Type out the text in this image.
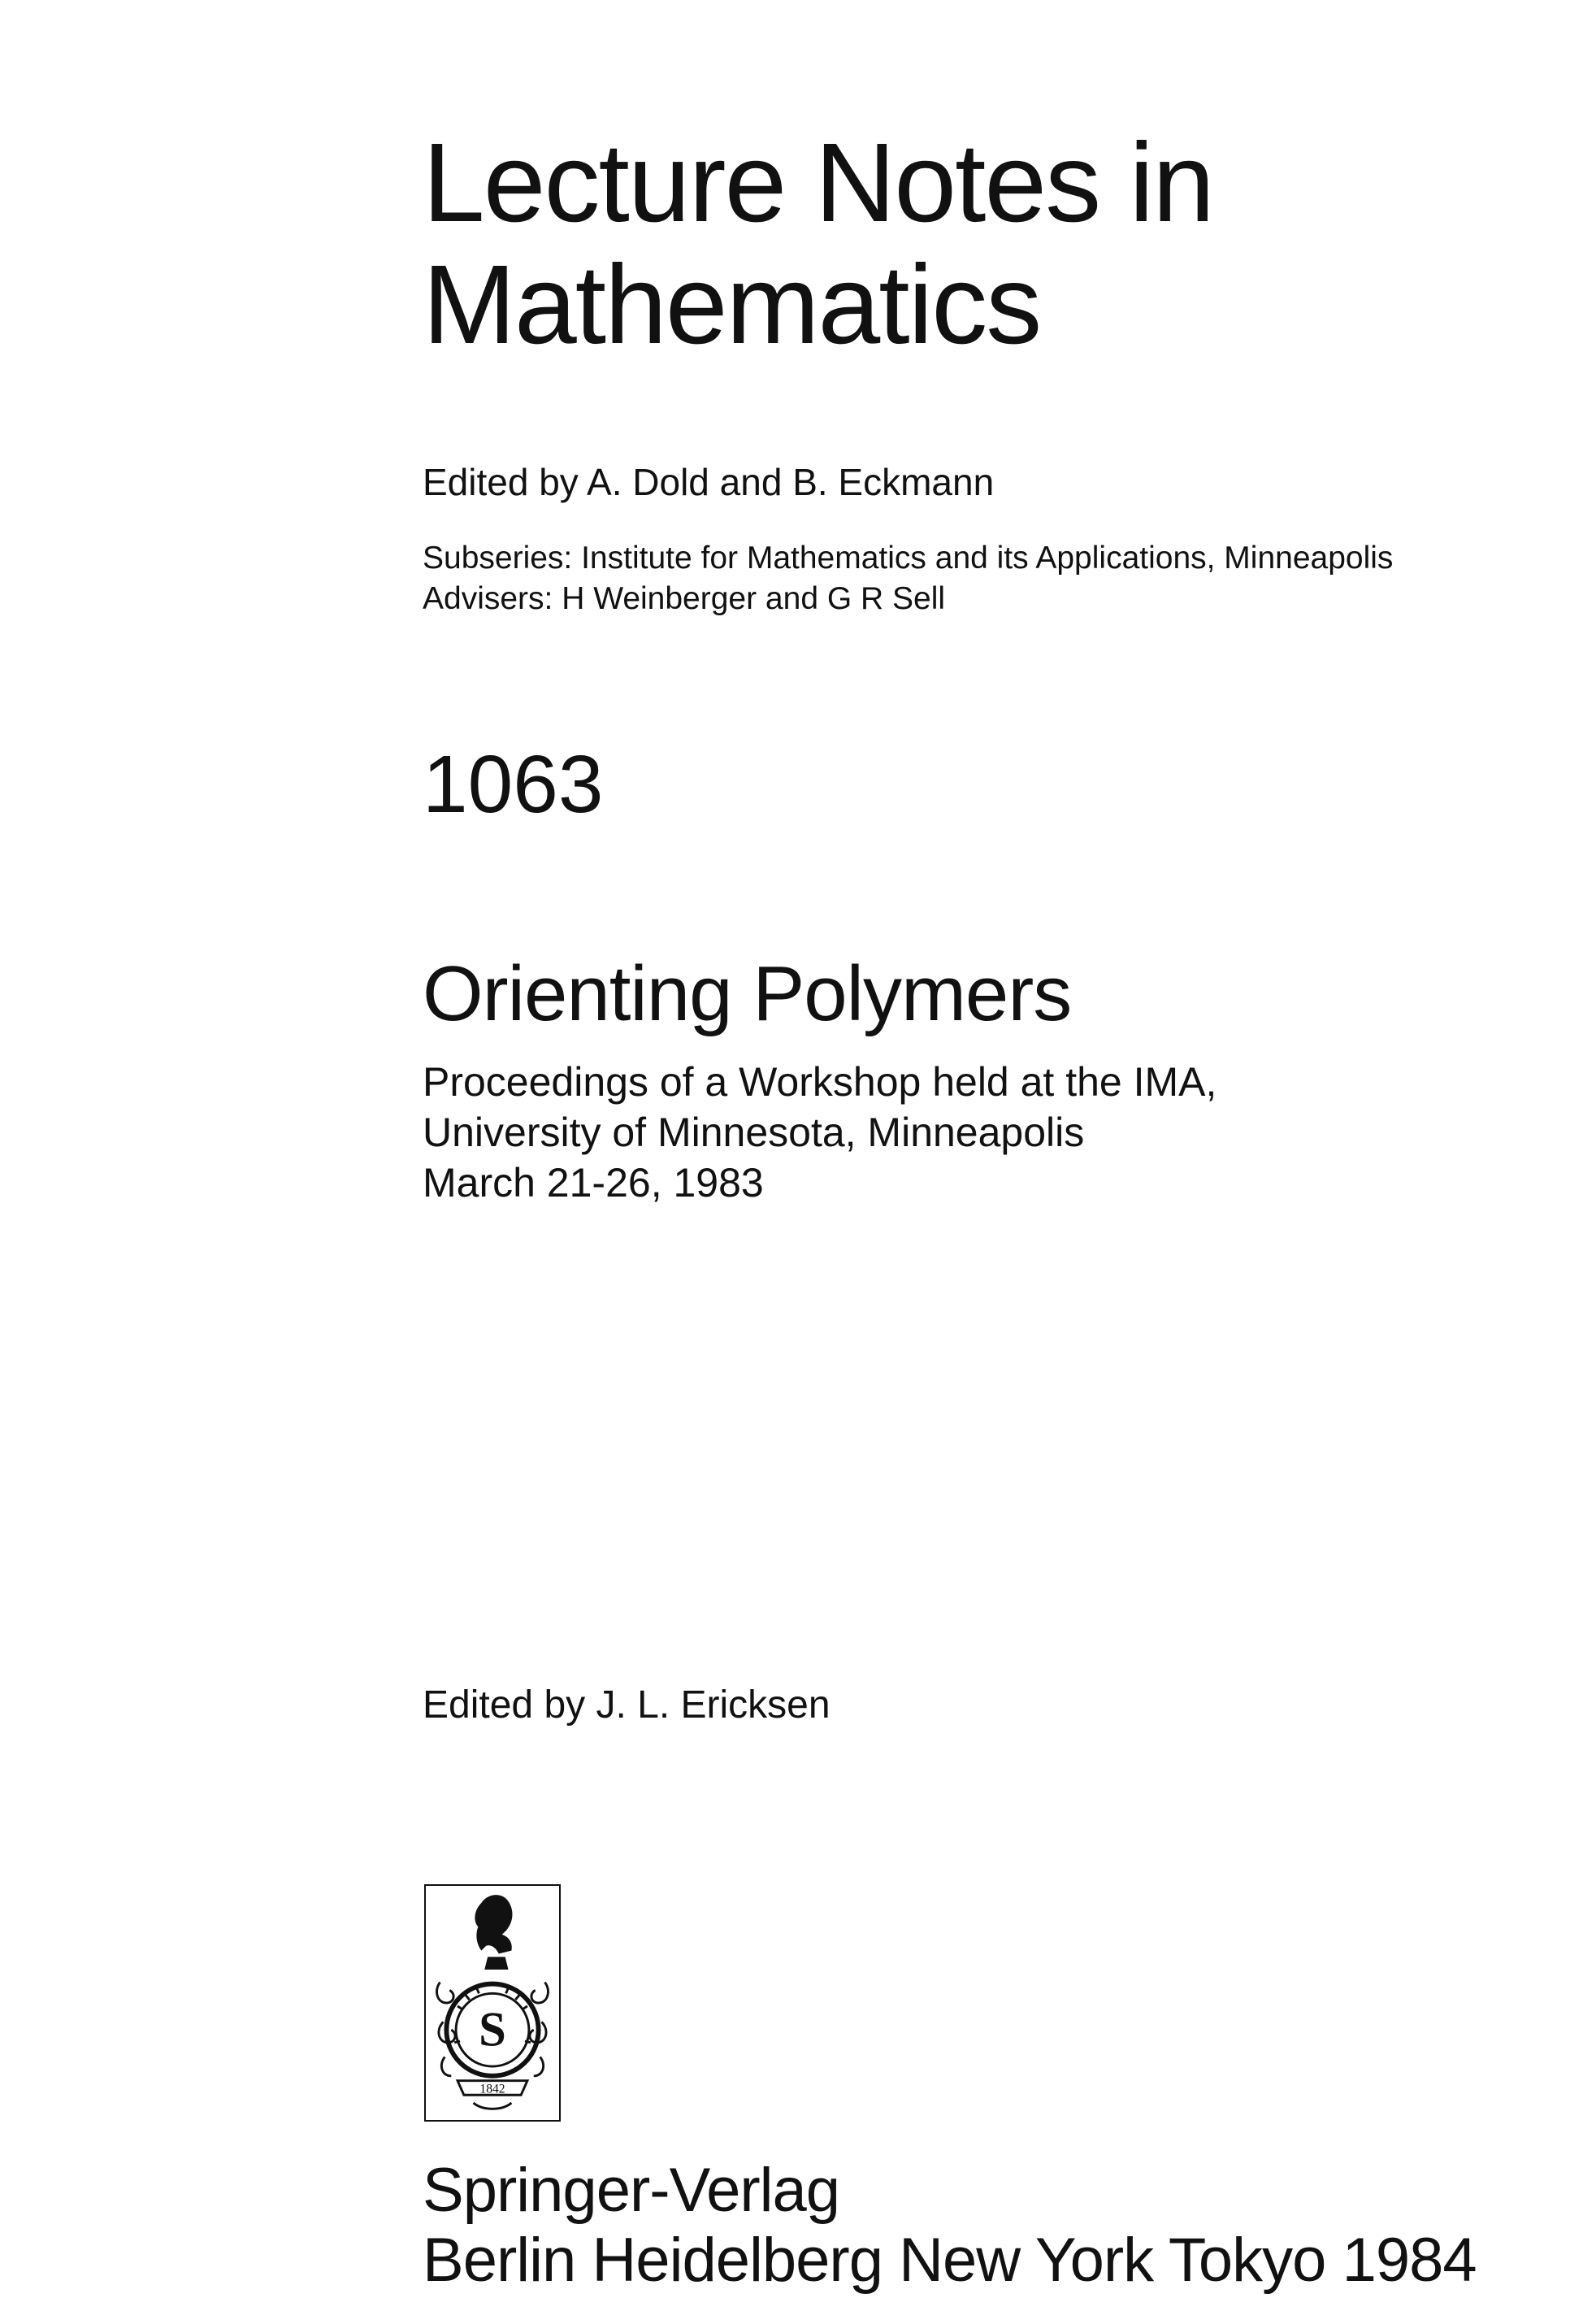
Lecture Notes in
Mathematics
Edited by A. Dold and B. Eckmann
Subseries: Institute for Mathematics and its Applications, Minneapolis
Advisers: H Weinberger and G R Sell
1063
Orienting Polymers
Proceedings of a Workshop held at the IMA,
University of Minnesota, Minneapolis
March 21-26, 1983
Edited by J. L. Ericksen
S
1842
Springer-Verlag
Berlin Heidelberg New York Tokyo 1984
